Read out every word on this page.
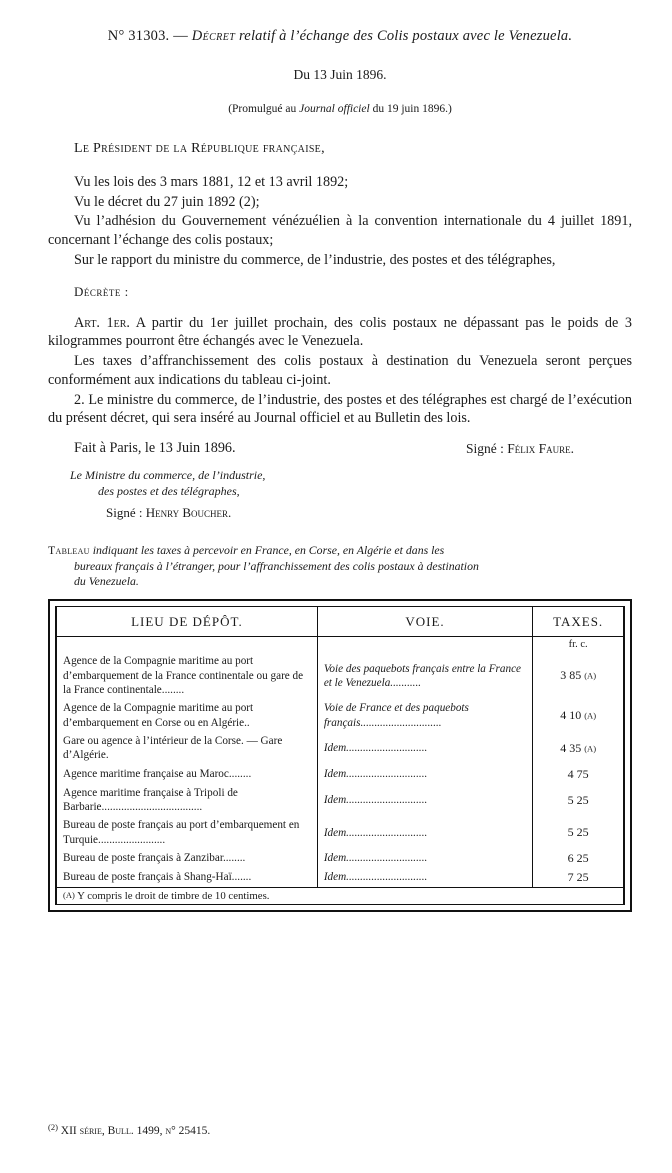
N° 31303. — Décret relatif à l’échange des Colis postaux avec le Venezuela.
Du 13 Juin 1896.
(Promulgué au Journal officiel du 19 juin 1896.)
Le Président de la République française,

Vu les lois des 3 mars 1881, 12 et 13 avril 1892;

Vu le décret du 27 juin 1892 (2);

Vu l’adhésion du Gouvernement vénézuélien à la convention internationale du 4 juillet 1891, concernant l’échange des colis postaux;

Sur le rapport du ministre du commerce, de l’industrie, des postes et des télégraphes,

Décrète :

Art. 1er. A partir du 1er juillet prochain, des colis postaux ne dépassant pas le poids de 3 kilogrammes pourront être échangés avec le Venezuela.

Les taxes d’affranchissement des colis postaux à destination du Venezuela seront perçues conformément aux indications du tableau ci-joint.

2. Le ministre du commerce, de l’industrie, des postes et des télégraphes est chargé de l’exécution du présent décret, qui sera inséré au Journal officiel et au Bulletin des lois.

Fait à Paris, le 13 Juin 1896.	Signé : Félix Faure.
Le Ministre du commerce, de l’industrie,
des postes et des télégraphes,
Signé : Henry Boucher.
Tableau indiquant les taxes à percevoir en France, en Corse, en Algérie et dans les
bureaux français à l’étranger, pour l’affranchissement des colis postaux à destination
du Venezuela.
LIEU DE DÉPÔT.	VOIE.	TAXES.
		fr. c.
Agence de la Compagnie maritime au port d’embarquement de la France continentale ou gare de la France continentale........	Voie des paquebots français entre la France et le Venezuela...........	3 85 (A)
Agence de la Compagnie maritime au port d’embarquement en Corse ou en Algérie..	Voie de France et des paquebots français.............................	4 10 (A)
Gare ou agence à l’intérieur de la Corse. — Gare d’Algérie.	Idem.............................	4 35 (A)
Agence maritime française au Maroc........	Idem.............................	4 75
Agence maritime française à Tripoli de Barbarie....................................	Idem.............................	5 25
Bureau de poste français au port d’embarquement en Turquie........................	Idem.............................	5 25
Bureau de poste français à Zanzibar........	Idem.............................	6 25
Bureau de poste français à Shang-Haï.......	Idem.............................	7 25
(A) Y compris le droit de timbre de 10 centimes.		
$^{(2)}$ XII série, Bull. 1499, n° 25415.
